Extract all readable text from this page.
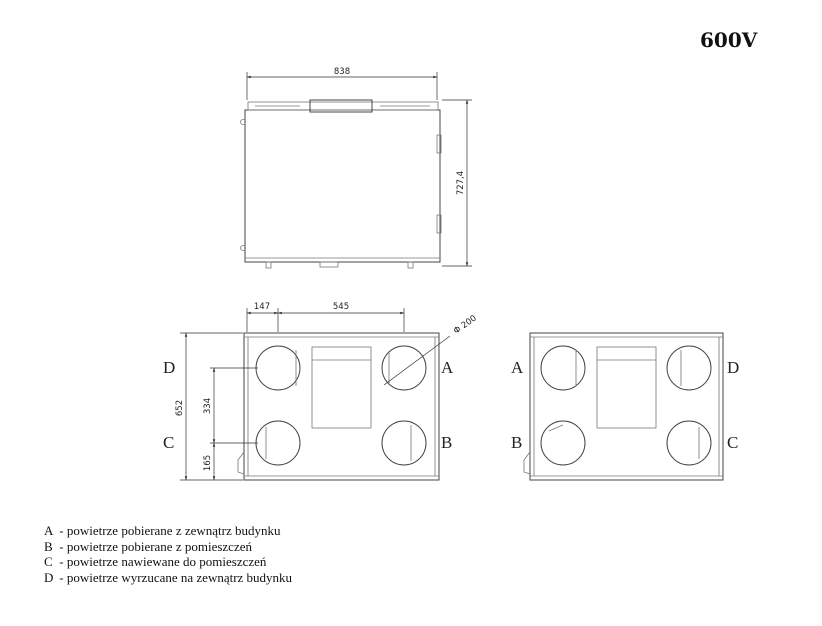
600V
838
727,4
147	545
Φ 200
652 334
165
D
C
A
B
A
B
D
C
A - powietrze pobierane z zewnątrz budynku
B - powietrze pobierane z pomieszczeń
C - powietrze nawiewane do pomieszczeń
D - powietrze wyrzucane na zewnątrz budynku
